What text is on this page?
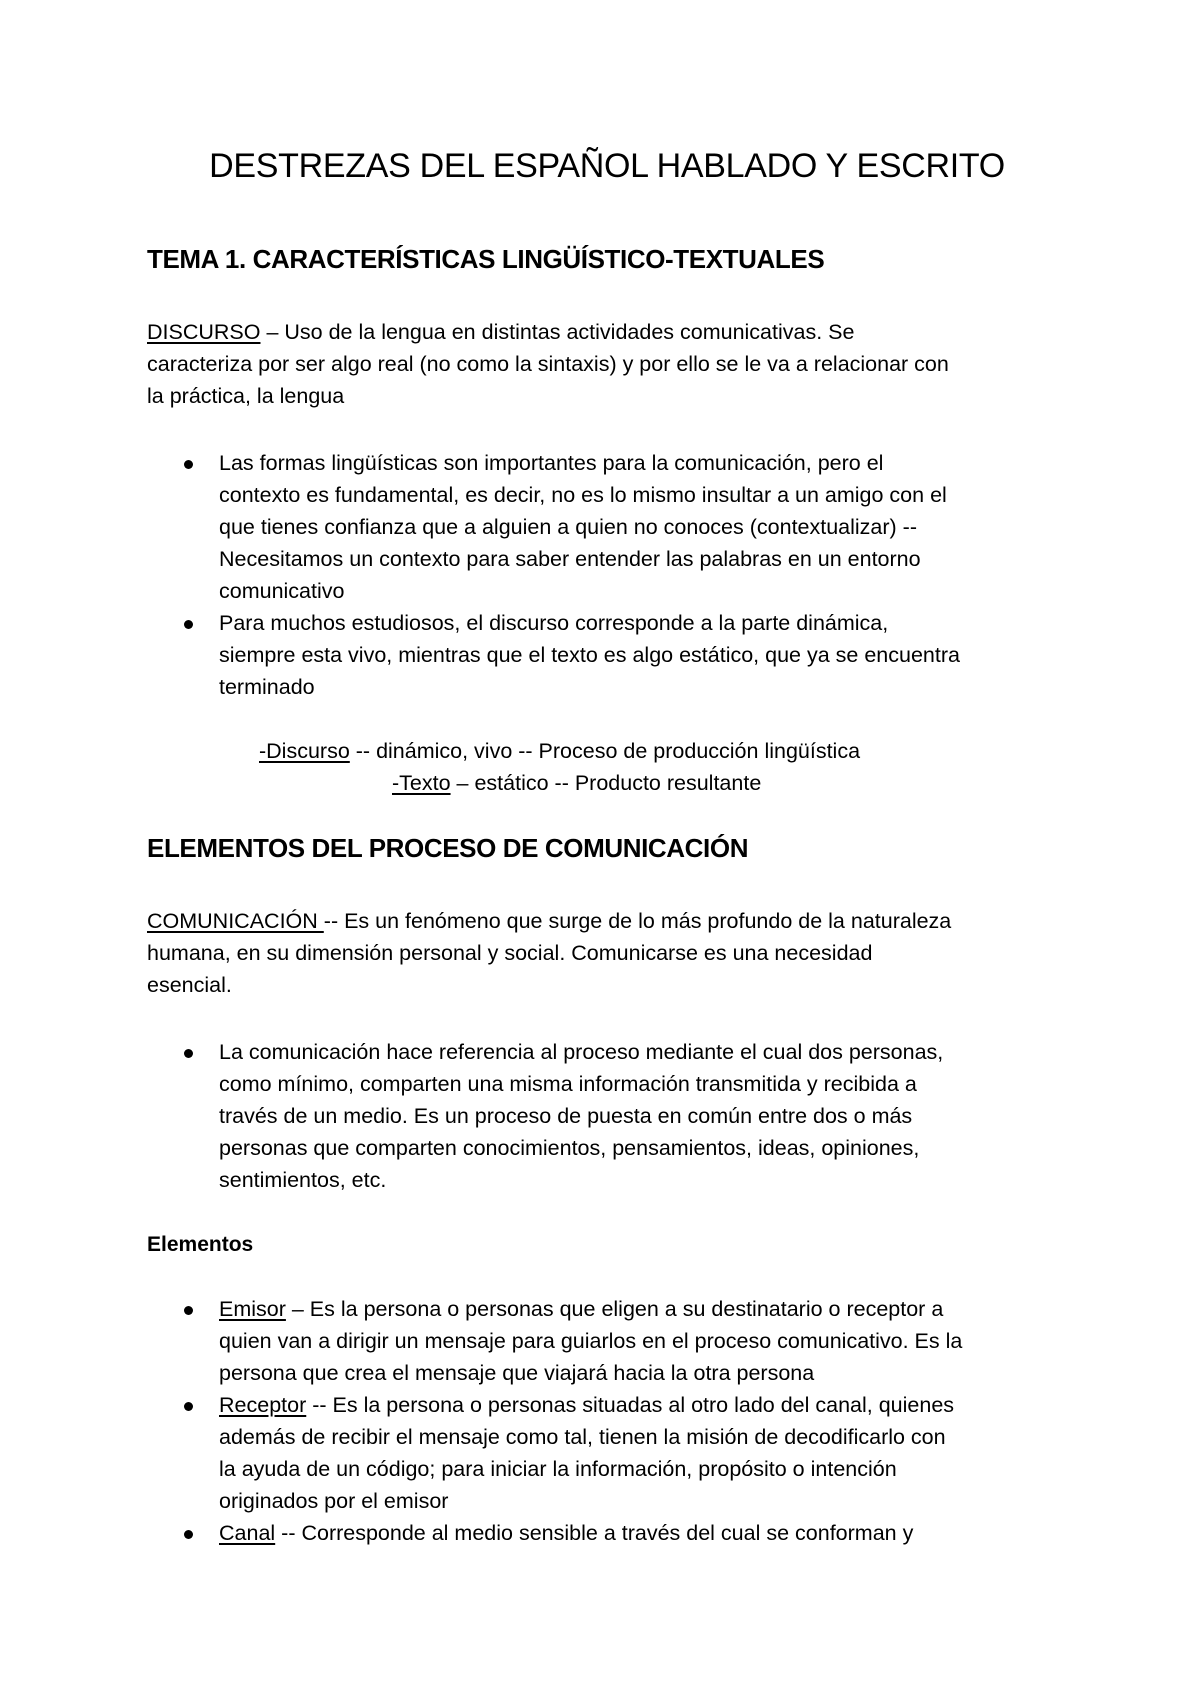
DESTREZAS DEL ESPAÑOL HABLADO Y ESCRITO
TEMA 1. CARACTERÍSTICAS LINGÜÍSTICO-TEXTUALES

DISCURSO – Uso de la lengua en distintas actividades comunicativas. Se
caracteriza por ser algo real (no como la sintaxis) y por ello se le va a relacionar con
la práctica, la lengua

Las formas lingüísticas son importantes para la comunicación, pero el
contexto es fundamental, es decir, no es lo mismo insultar a un amigo con el
que tienes confianza que a alguien a quien no conoces (contextualizar) --
Necesitamos un contexto para saber entender las palabras en un entorno
comunicativo
Para muchos estudiosos, el discurso corresponde a la parte dinámica,
siempre esta vivo, mientras que el texto es algo estático, que ya se encuentra
terminado
-Discurso -- dinámico, vivo -- Proceso de producción lingüística
-Texto – estático -- Producto resultante
ELEMENTOS DEL PROCESO DE COMUNICACIÓN

COMUNICACIÓN -- Es un fenómeno que surge de lo más profundo de la naturaleza
humana, en su dimensión personal y social. Comunicarse es una necesidad
esencial.

La comunicación hace referencia al proceso mediante el cual dos personas,
como mínimo, comparten una misma información transmitida y recibida a
través de un medio. Es un proceso de puesta en común entre dos o más
personas que comparten conocimientos, pensamientos, ideas, opiniones,
sentimientos, etc.
Elementos
Emisor – Es la persona o personas que eligen a su destinatario o receptor a
quien van a dirigir un mensaje para guiarlos en el proceso comunicativo. Es la
persona que crea el mensaje que viajará hacia la otra persona
Receptor -- Es la persona o personas situadas al otro lado del canal, quienes
además de recibir el mensaje como tal, tienen la misión de decodificarlo con
la ayuda de un código; para iniciar la información, propósito o intención
originados por el emisor
Canal -- Corresponde al medio sensible a través del cual se conforman y
